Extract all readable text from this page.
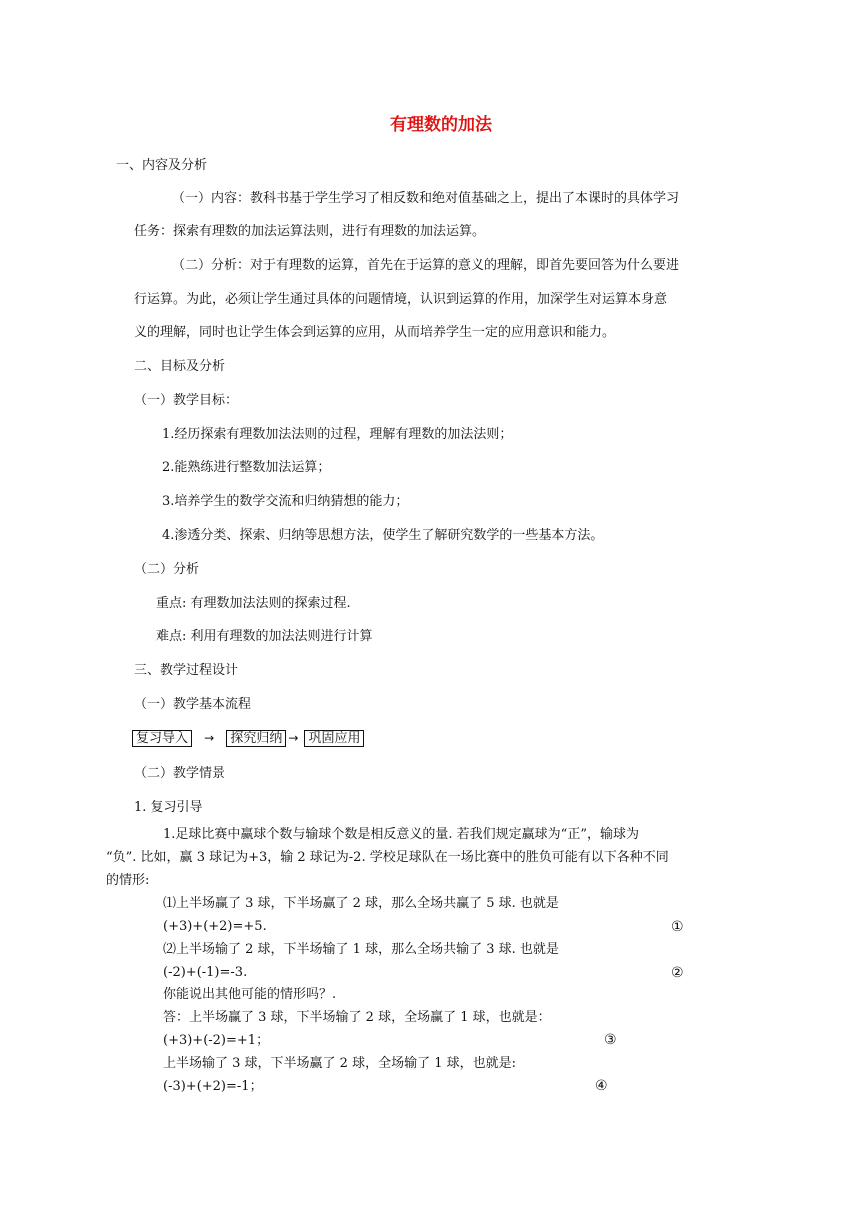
有理数的加法
一、内容及分析
（一）内容：教科书基于学生学习了相反数和绝对值基础之上，提出了本课时的具体学习
任务：探索有理数的加法运算法则，进行有理数的加法运算。
（二）分析：对于有理数的运算，首先在于运算的意义的理解，即首先要回答为什么要进
行运算。为此，必须让学生通过具体的问题情境，认识到运算的作用，加深学生对运算本身意
义的理解，同时也让学生体会到运算的应用，从而培养学生一定的应用意识和能力。
二、目标及分析
（一）教学目标：
1.经历探索有理数加法法则的过程，理解有理数的加法法则；
2.能熟练进行整数加法运算；
3.培养学生的数学交流和归纳猜想的能力；
4.渗透分类、探索、归纳等思想方法，使学生了解研究数学的一些基本方法。
（二）分析
重点: 有理数加法法则的探索过程.
难点: 利用有理数的加法法则进行计算
三、教学过程设计
（一）教学基本流程
复习导入 → 探究归纳 → 巩固应用
（二）教学情景
1. 复习引导
1.足球比赛中赢球个数与输球个数是相反意义的量. 若我们规定赢球为“正”，输球为
“负”. 比如，赢 3 球记为+3，输 2 球记为-2. 学校足球队在一场比赛中的胜负可能有以下各种不同
的情形:
⑴上半场赢了 3 球，下半场赢了 2 球，那么全场共赢了 5 球. 也就是
(+3)+(+2)=+5.	①
⑵上半场输了 2 球，下半场输了 1 球，那么全场共输了 3 球. 也就是
(-2)+(-1)=-3.	②
你能说出其他可能的情形吗？.
答：上半场赢了 3 球，下半场输了 2 球，全场赢了 1 球，也就是：
(+3)+(-2)=+1；	③
上半场输了 3 球，下半场赢了 2 球，全场输了 1 球，也就是:
(-3)+(+2)=-1；	④
